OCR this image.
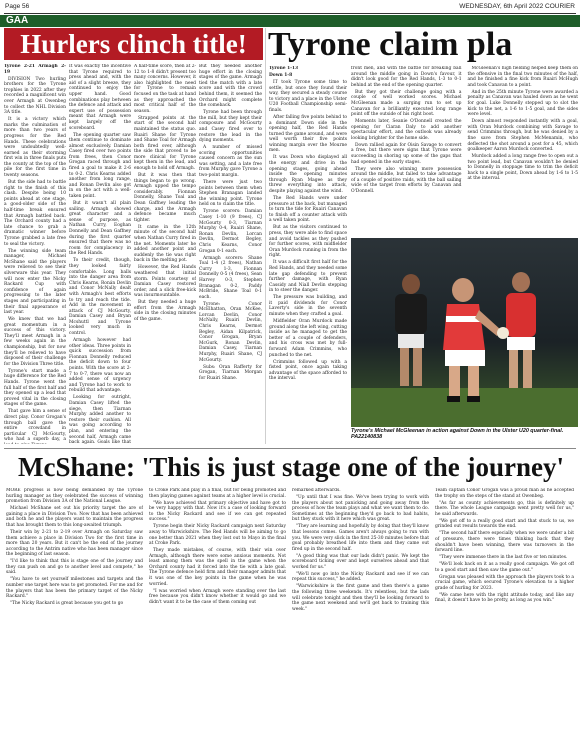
Page 56	WEDNESDAY, 6th April 2022 COURIER
GAA
Hurlers clinch title!

Tyrone 2-21 Armagh 2-19

DIVISION Two hurling brothers for the Tyrone trophies in 2022 after they recorded a magnificent win over Armagh at Owenbeg to collect the NHL Division 3A title.

It is a victory which marks the culmination of more than two years of progress for the Red Hands. These celebrations were undoubtedly well-earned as their storming first win in three finals puts the county at the top of the pile for the first time in twenty seasons.

But the side had to battle right to the finish of this clash. Despite being 10 points ahead at one stage, a good-older side of the half-time break ensured that Armagh battled back. The Orchard county had a late chance to grab a dramatic winner before Tyrone grabbed a late free to seal the victory.

The winning side team manager, Michael McShane said the players were relieved to see their silverware this year. They will now enter the Nicky Rackard Cup with confidence of again progressing to the later stages and participating in their final appearance of last year.

We knew that we had great momentum in a success of this victory. They'll meet Armagh in a few weeks again in the championship, but for now they'll be relieved to have disposed of their challenge for the Division Three title.

Tyrone's start made a huge difference for the Red Hands. Tyrone went the full half of the first half and they opened up a lead that proved vital in the closing stages of the game.

That gave him a sense of direct play. Conor Grogan's through ball gave the entire crowdand in particular CJ McGourty, who had a superb day, a

It was exactly the incentive that Tyrone required to press ahead and, with the aid of a slight breeze, they continued to enjoy the upper hand. Good combinations play between the defence and attack and expert use of possession meant that Armagh were kept largely off the scoreboard.

The opening quarter saw them continue to dominate almost exclusively. Damian Casey fired over two points from frees, then Conor Grogan raced through and fired a goal to make it 2-6 to 0-2. Chris Kearns added another from long range, and Ronan Devlin also got in on the act with a well-taken point.

But it wasn't all plain sailing. Armagh showed great character and a sense of purpose, as Nathan Curry, Eoghan Donnelly and Dean Gaffney during the first quarter ensured that there was no room for complacency in the Red Hands.

To their credit, though, they looked fairly comfortable. Long balls into the danger area from Chris Kearns, Ronán Devlin and Conor McNally dealt with Armagh's best efforts to try and reach the tide. Add in the movement in attack of CJ McGourty, Damian Casey and Bryan Mcshuttl and Tyrone looked very much in control.

Armagh however had other ideas. Three points in quick succession from Fionnan Donnelly reduced the deficit down to four points. With the score at 2-7 to 0-7, there was now an added sense of urgency and Tyrone had to work to rebuild that advantage.

Looking for outright, Damian Casey lifted the siege, then Tiarnan Murphy added another to restore their cushion. All was going according to plan, and entering the second half, Armagh came back again. Goals like that

A half-time score, then at 2-12 to 1-8 didn't present too many concerns. However, it also highlighted the need for Tyrone to remain focused on the task at hand as they approached the most critical half of the season.

Strapped points at the start of the second half maintained the status quo. Ruairi Shane for Tyrone and Shane Toal for Armagh both fired over, although the side that proved to be more clinical for Tyrone kept them in the lead, and enough to hold off Armagh.

But it was then that things began to go wrong. Armagh upped the tempo considerably. Fionnan Donnelly, Shane Toal and Dean Gaffney leading the charge, and the Armagh defence became much tighter.

It came in the 12th minute of the second half when Nathan Curry fired in the net. Moments later he added another point and suddenly the tie was right back in the melting pot.

However, the Red Hands weathered that initial storm. Points courtesy of Damian Casey restored order, and a slick free-kick was insurmountable.

But they needed a huge effort from the Armagh side in the closing minutes of the game.

But they needed another huge effort in the closing stages of the game. Armagh tied the match with a late score and with the crowd behind them, it seemed the Orchard might complete the comeback.

Tyrone had been through the mill, but they kept their composure and McGourty and Casey fired over to restore the lead in the dying moments.

A number of missed scoring opportunities caused concern as the sun was setting, and a late free from Murphy gave Tyrone a two-point margin.

There were just two points between them when Stephen Branagan landed the winning point. Tyrone held on to claim the title.

Tyrone scorers: Damian Casey 1-10 (9 frees), CJ McGourty 0-3, Tiarnan Murphy 0-4, Ruairi Shane, Ronan Devlin, Lorcan Devlin, Dermot Begley, Chris Kearns, Conor Grogan 0-1 each.

Armagh scorers: Shane Toal 1-4 (2 frees), Nathan Curry 1-3, Fionnan Donnelly 0-5 (4 frees), Sean Harvey 0-3, Stephen Branagan 0-2, Paddy McBride, Shane Toal 0-1 each.

Tyrone: Conor McElhatton, Oran McKee, Lorcan Devlin, Conor McNally, Ruairi Devlin, Chris Kearns, Dermot Begley, Aidan Kilpatrick, Conor Grogan, Bryan McGurk, Ronan Devlin, Damian Casey, Tiarnan Murphy, Ruairi Shane, CJ McGourty.

Subs: Oran Rafferty for Grogan, Tiarnan Morgan for Ruairi Shane.

Tyrone claim pla

Tyrone 1-13

Down 1-8

IT took Tyrone some time to settle, but once they found their way, they secured a steady course to victory and a place in the Ulster U20 Football Championship semi-finals.

After falling five points behind to a dominant Down side in the opening half, the Red Hands turned the game around, and were well worth their five points winning margin over the Mourne men.

It was Down who displayed all the energy and drive in the opening stages, going ahead inside the opening minutes through Ryan Magee as they threw everything into attack, despite playing against the wind.

The Red Hands were under pressure at the back, but managed to turn the tide for Ruairi Canavan to finish off a counter attack with a well taken point.

But as the visitors continued to press, they were able to find space and avoid tackles as they pushed for further scores, with midfielder Oran Murdock running in from the right.

It was a difficult first half for the Red Hands, and they needed some late gap defending to prevent further damage, with Ryan Cassidy and Niall Devlin stepping in to steer the danger.

The pressure was building, and it paid dividends for Conor Laverty's side in the seventh minute when they crafted a goal.

Midfielder Oran Murdock made ground along the left wing, cutting inside as he managed to get the better of a couple of defenders, and his cross was met by full-forward Adam Crimmins, who punched to the net.

Crimmins followed up with a fisted point, once again taking advantage of the space afforded to the interval.

front men, and with the battle for breaking ball around the middle going in Down's favour, it didn't look good for the Red Hands, 1-3 to 0-1 behind at the end of the opening quarter.

But they got their challenge going with a couple of well worked scores. Michael McGleenan made a surging run to set up Canavan for a brilliantly executed long range point off the outside of his right boot.

Moments later, Seanie O'Donnell created the opening for Ciaran Daly to add another spectacular effort, and the outlook was already looking brighter for the home side.

Down rallied again for Oisin Savage to convert a free, but there were signs that Tyrone were succeeding in shoring up some of the gaps that had opened in the early stages.

They were also winning more possession around the middle, but failed to take advantage of a couple of positive raids, with the ball sailing wide of the target from efforts by Canavan and O'Donnell.

McGleenan's high fielding helped keep them on the offensive in the final two minutes of the half, and he finished a fine kick from Ruairi McHugh and took Canavan to a point.

And in the 25th minute Tyrone were awarded a penalty as Canavan was hauled down as he went for goal. Luke Donnelly stepped up to slot the kick to the net, a 1-6 to 1-5 goal, and the sides were level.

Down almost responded instantly with a goal, with Oran Murdock combining with Savage to send Crimmins through, but he was denied by a fine save from Stephen McMenamin, who deflected the shot around a post for a 45, which goalkeeper Aaron Murdock converted.

Murdock added a long range free to open out a two point lead, but Canavan wouldn't be denied to Donnelly in stoppage time to trim the deficit back to a single point, Down ahead by 1-6 to 1-5 at the interval.

Tyrone's Michael McGleenan in action against Down in the Ulster U20 quarter-final. PA22140838
McShane: 'This is just stage one of the journey'

MORE progress is now being demanded by the Tyrone hurling manager as they celebrated the success of winning promotion from Division 3A of the National League.

Michael McShane set out his priority target the are of gaining a place in Division Two. Now that has been achieved and both he and the players want to maintain the progress that has brought them to this long-awaited triumph.

Their win by 2-21 to 2-19 over Armagh on Saturday saw them achieve a place in Division Two for the first time in more than 20 years. But it can't be the end of the journey according to the Antrim native who has been manager since the beginning of last season.

"I'd like to think that this is stage one of the journey and they can push on and go to another level and compete," he said.

"You have to set yourself milestones and targets and the number one target here was to get promoted. For me and for the players that has been the primary target of the Nicky Rackard."

"The Nicky Rackard is great because you get to go

to Croke Park and play in a final, but for being promoted and then playing games against teams at a higher level is crucial.

"We have achieved that primary objective and have got to be very happy with that. Now it's a case of looking forward to the Nicky Rackard and see if we can get repeated success."

Tyrone begin their Nicky Rackard campaign next Saturday away to Warwickshire. The Red Hands will be aiming to go one better than 2021 when they lost out to Mayo in the final at Croke Park.

They made mistakes, of course, with their win over Armagh, although there were some anxious moments. Not least among them was the spell in the game when the Orchard county had it forced into the tie with a late goal. The Tyrone defence held firm and their manager admits that it was one of the key points in the game when he was worried.

"I was worried when Armagh were standing over the last free because you didn't know whether it would go and we didn't want it to be the case of them coming out

remarked afterwards.

"Up until that I was fine. We've been trying to work with the players about not panicking and going away from the process of how the team plays and what we want them to do. Sometimes at the beginning they'd go back to bad habits, but they stuck with it here which was great.

"They are learning and hopefully by doing that they'll know that lessons comes. Games aren't always going to run with you. We were very slick in the first 25-30 minutes before that goal probably breathed life into them and they came out fired up in the second half.

"A good thing was that our lads didn't panic. We kept the scoreboard ticking over and kept ourselves ahead and that worked for us."

"We'll now go into the Nicky Rackard and see if we can repeat this success," he added.

"Warwickshire is the first game and then there's a game the following three weekends. It's relentless, but the lads will celebrate tonight and then they'll be looking forward to the game next weekend and we'll get back to training this week."

Team captain Conor Grogan was a proud man as he accepted the trophy on the steps of the stand at Owenbeg.

"As far as county achievements go, this is definitely up there. The whole League campaign went pretty well for us," he said afterwards.

"We got off to a really good start and that stuck to us, we grinded out results towards the end.

"The second half there especially when we were under a bit of pressure, there were times thinking back that they shouldn't have been winning, there was turnovers in the forward line.

"They were immense there in the last five or ten minutes.

"We'll look back on it as a really good campaign. We got off to a good start and then saw the game out."

Grogan was pleased with the approach the players took to a crucial game, which secured Tyrone's elevation to a higher grade of hurling for 2023.

"We came here with the right attitude today, and like any final, it doesn't have to be pretty, as long as you win."
